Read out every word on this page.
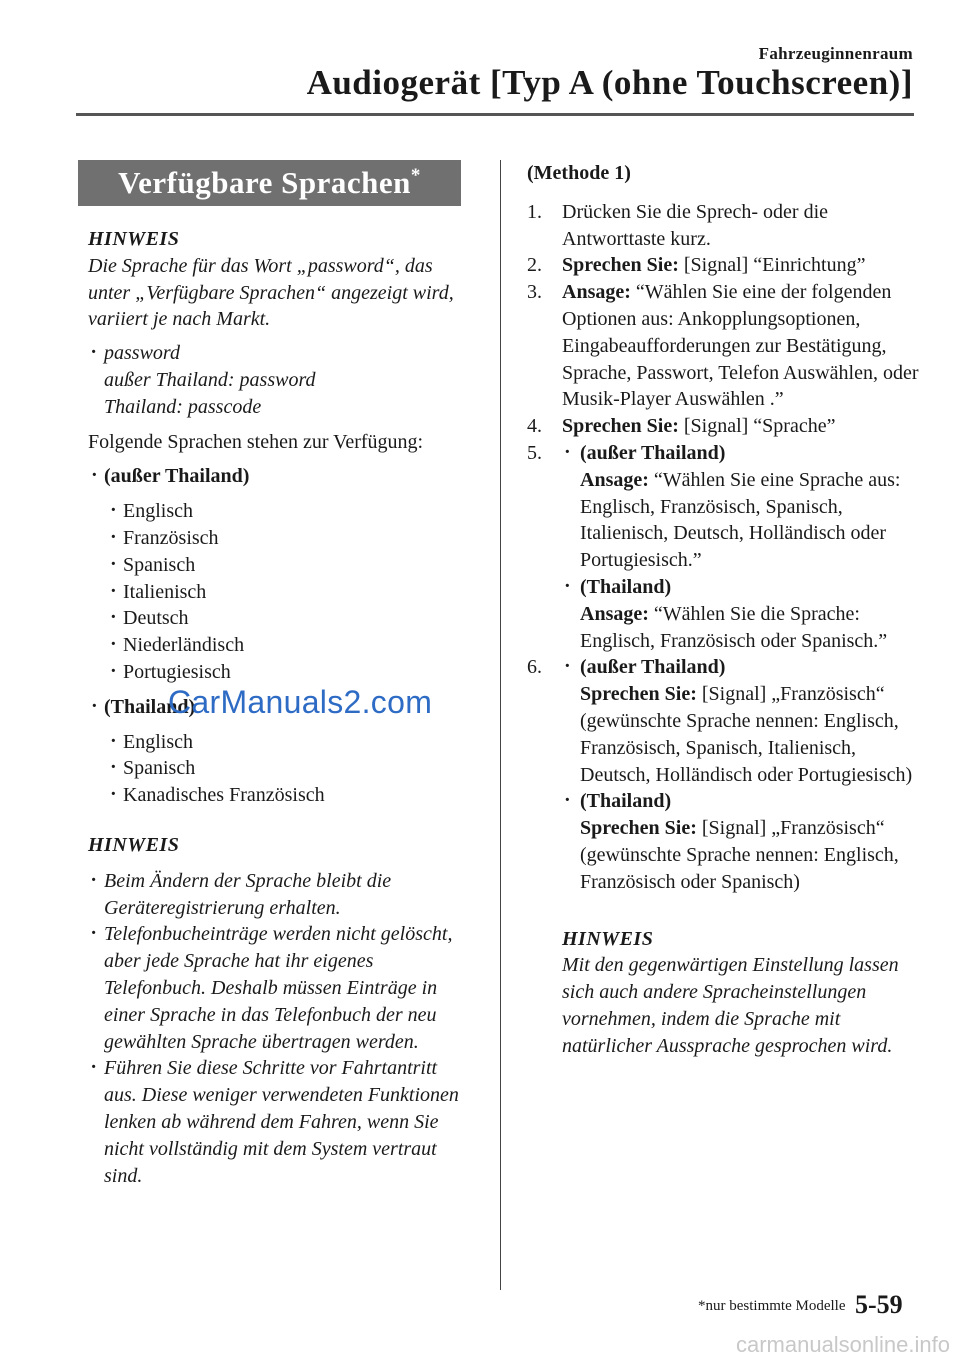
Fahrzeuginnenraum
Audiogerät [Typ A (ohne Touchscreen)]
Verfügbare Sprachen*

HINWEIS

Die Sprache für das Wort „password“, das unter „Verfügbare Sprachen“ angezeigt wird, variiert je nach Markt.

· password

außer Thailand: password

Thailand: passcode

Folgende Sprachen stehen zur Verfügung:

· (außer Thailand)

· Englisch

· Französisch

· Spanisch

· Italienisch

· Deutsch

· Niederländisch

· Portugiesisch

· (Thailand)

· Englisch

· Spanisch

· Kanadisches Französisch

HINWEIS

· Beim Ändern der Sprache bleibt die Geräteregistrierung erhalten.

· Telefonbucheinträge werden nicht gelöscht, aber jede Sprache hat ihr eigenes Telefonbuch. Deshalb müssen Einträge in einer Sprache in das Telefonbuch der neu gewählten Sprache übertragen werden.

· Führen Sie diese Schritte vor Fahrtantritt aus. Diese weniger verwendeten Funktionen lenken ab während dem Fahren, wenn Sie nicht vollständig mit dem System vertraut sind.

(Methode 1)

1. Drücken Sie die Sprech- oder die Antworttaste kurz.

2. Sprechen Sie: [Signal] “Einrichtung”

3. Ansage: “Wählen Sie eine der folgenden Optionen aus: Ankopplungsoptionen, Eingabeaufforderungen zur Bestätigung, Sprache, Passwort, Telefon Auswählen, oder Musik-Player Auswählen .”

4. Sprechen Sie: [Signal] “Sprache”

5. · (außer Thailand)

Ansage: “Wählen Sie eine Sprache aus: Englisch, Französisch, Spanisch, Italienisch, Deutsch, Holländisch oder Portugiesisch.”

· (Thailand)

Ansage: “Wählen Sie die Sprache: Englisch, Französisch oder Spanisch.”

6. · (außer Thailand)

Sprechen Sie: [Signal] „Französisch“ (gewünschte Sprache nennen: Englisch, Französisch, Spanisch, Italienisch, Deutsch, Holländisch oder Portugiesisch)

· (Thailand)

Sprechen Sie: [Signal] „Französisch“ (gewünschte Sprache nennen: Englisch, Französisch oder Spanisch)

HINWEIS

Mit den gegenwärtigen Einstellung lassen sich auch andere Spracheinstellungen vornehmen, indem die Sprache mit natürlicher Aussprache gesprochen wird.

CarManuals2.com
*nur bestimmte Modelle 5-59
carmanualsonline.info
